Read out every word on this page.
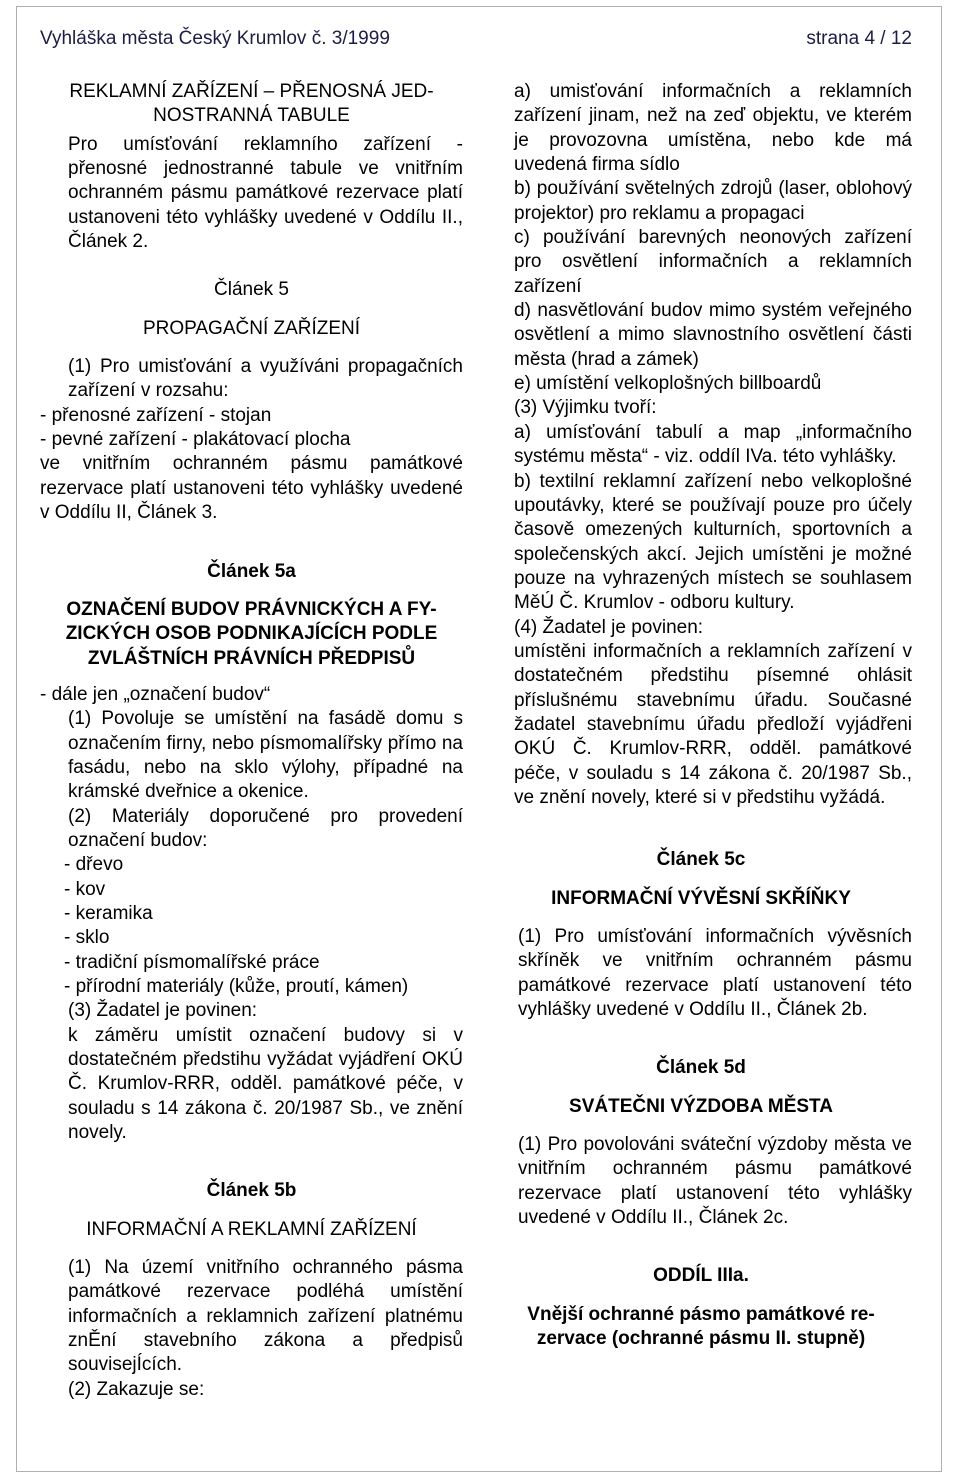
Vyhláška města Český Krumlov č. 3/1999	strana 4 / 12

REKLAMNÍ ZAŘÍZENÍ – PŘENOSNÁ JED-

NOSTRANNÁ TABULE

Pro umísťování reklamního zařízení - přenosné jednostranné tabule ve vnitřním ochranném pásmu památkové rezervace platí ustanoveni této vyhlášky uvedené v Oddílu II., Článek 2.

Článek 5

PROPAGAČNÍ ZAŘÍZENÍ

(1) Pro umisťování a využíváni propagačních zařízení v rozsahu:

- přenosné zařízení - stojan

- pevné zařízení - plakátovací plocha

ve vnitřním ochranném pásmu památkové rezervace platí ustanoveni této vyhlášky uvedené v Oddílu II, Článek 3.

Článek 5a

OZNAČENÍ BUDOV PRÁVNICKÝCH A FY-

ZICKÝCH OSOB PODNIKAJÍCÍCH PODLE

ZVLÁŠTNÍCH PRÁVNÍCH PŘEDPISŮ

- dále jen „označení budov“

(1) Povoluje se umístění na fasádě domu s označením firny, nebo písmomalířsky přímo na fasádu, nebo na sklo výlohy, případné na krámské dveřnice a okenice.

(2) Materiály doporučené pro provedení označení budov:

- dřevo

- kov

- keramika

- sklo

- tradiční písmomalířské práce

- přírodní materiály (kůže, proutí, kámen)

(3) Žadatel je povinen:

k záměru umístit označení budovy si v dostatečném předstihu vyžádat vyjádření OKÚ Č. Krumlov-RRR, odděl. památkové péče, v souladu s 14 zákona č. 20/1987 Sb., ve znění novely.

Článek 5b

INFORMAČNÍ A REKLAMNÍ ZAŘÍZENÍ

(1) Na území vnitřního ochranného pásma památkové rezervace podléhá umístění informačních a reklamnich zařízení platnému znĚní stavebního zákona a předpisů souvisejÍcích.

(2) Zakazuje se:

a) umisťování informačních a reklamních zařízení jinam, než na zeď objektu, ve kterém je provozovna umístěna, nebo kde má uvedená firma sídlo

b) používání světelných zdrojů (laser, oblohový projektor) pro reklamu a propagaci

c) používání barevných neonových zařízení pro osvětlení informačních a reklamních zařízení

d) nasvětlování budov mimo systém veřejného osvětlení a mimo slavnostního osvětlení části města (hrad a zámek)

e) umístění velkoplošných billboardů

(3) Výjimku tvoří:

a) umísťování tabulí a map „informačního systému města“ - viz. oddíl IVa. této vyhlášky.

b) textilní reklamní zařízení nebo velkoplošné upoutávky, které se používají pouze pro účely časově omezených kulturních, sportovních a společenských akcí. Jejich umístěni je možné pouze na vyhrazených místech se souhlasem MěÚ Č. Krumlov - odboru kultury.

(4) Žadatel je povinen:

umístěni informačních a reklamních zařízení v dostatečném předstihu písemné ohlásit příslušnému stavebnímu úřadu. Současné žadatel stavebnímu úřadu předloží vyjádřeni OKÚ Č. Krumlov-RRR, odděl. památkové péče, v souladu s 14 zákona č. 20/1987 Sb., ve znění novely, které si v předstihu vyžádá.

Článek 5c

INFORMAČNÍ VÝVĚSNÍ SKŘÍŇKY

(1) Pro umísťování informačních vývěsních skříněk ve vnitřním ochranném pásmu památkové rezervace platí ustanovení této vyhlášky uvedené v Oddílu II., Článek 2b.

Článek 5d

SVÁTEČNI VÝZDOBA MĚSTA

(1) Pro povolováni sváteční výzdoby města ve vnitřním ochranném pásmu památkové rezervace platí ustanovení této vyhlášky uvedené v Oddílu II., Článek 2c.

ODDÍL IIIa.

Vnější ochranné pásmo památkové re-

zervace (ochranné pásmu II. stupně)
